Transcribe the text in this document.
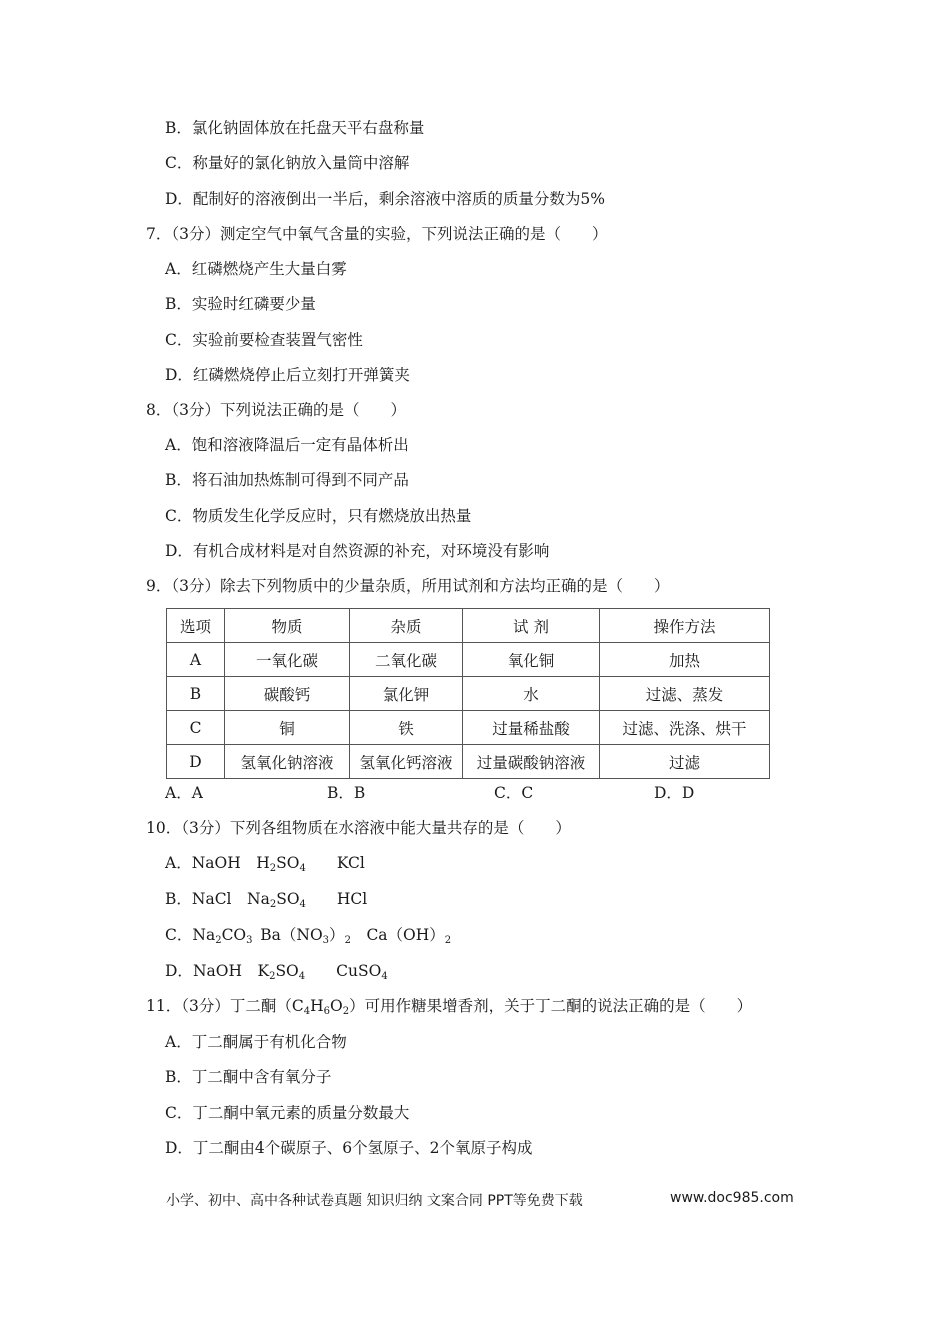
B．氯化钠固体放在托盘天平右盘称量
C．称量好的氯化钠放入量筒中溶解
D．配制好的溶液倒出一半后，剩余溶液中溶质的质量分数为5%
7．（3分）测定空气中氧气含量的实验，下列说法正确的是（　　）
A．红磷燃烧产生大量白雾
B．实验时红磷要少量
C．实验前要检查装置气密性
D．红磷燃烧停止后立刻打开弹簧夹
8．（3分）下列说法正确的是（　　）
A．饱和溶液降温后一定有晶体析出
B．将石油加热炼制可得到不同产品
C．物质发生化学反应时，只有燃烧放出热量
D．有机合成材料是对自然资源的补充，对环境没有影响
9．（3分）除去下列物质中的少量杂质，所用试剂和方法均正确的是（　　）
选项	物质	杂质	试 剂	操作方法
A	一氧化碳	二氧化碳	氧化铜	加热
B	碳酸钙	氯化钾	水	过滤、蒸发
C	铜	铁	过量稀盐酸	过滤、洗涤、烘干
D	氢氧化钠溶液	氢氧化钙溶液	过量碳酸钠溶液	过滤
A．A	B．B	C．C	D．D
10．（3分）下列各组物质在水溶液中能大量共存的是（　　）
A．NaOH  $H_2SO_4$   KCl
B．NaCl  $Na_2SO_4$   HCl
C．$Na_2CO_3$  $Ba(NO_3)_2$   $Ca(OH)_2$
D．NaOH  $K_2SO_4$   CuSO$_4$
11．（3分）丁二酮$(C_4H_6O_2)$可用作糖果增香剂，关于丁二酮的说法正确的是（　　）
A．丁二酮属于有机化合物
B．丁二酮中含有氧分子
C．丁二酮中氧元素的质量分数最大
D．丁二酮由4个碳原子、6个氢原子、2个氧原子构成
小学、初中、高中各种试卷真题 知识归纳 文案合同 PPT等免费下载	www.doc985.com
